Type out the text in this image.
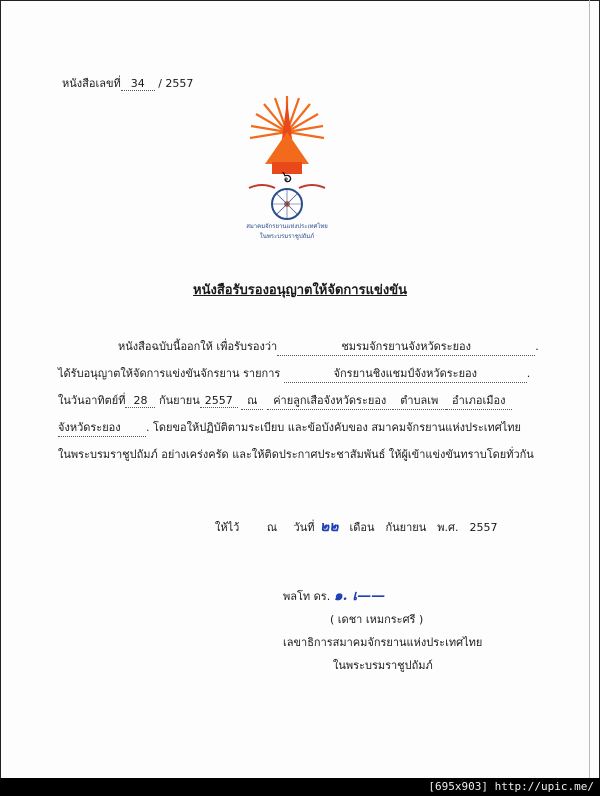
หนังสือเลขที่ 34 / 2557
๖
สมาคมจักรยานแห่งประเทศไทย
ในพระบรมราชูปถัมภ์
หนังสือรับรองอนุญาตให้จัดการแข่งขัน
หนังสือฉบับนี้ออกให้ เพื่อรับรองว่า	ชมรมจักรยานจังหวัดระยอง	.
ได้รับอนุญาตให้จัดการแข่งขันจักรยาน รายการ	จักรยานชิงแชมป์จังหวัดระยอง	.
ในวันอาทิตย์ที่ 28 กันยายน 2557 ณ ค่ายลูกเสือจังหวัดระยอง ตำบลเพ อำเภอเมือง
จังหวัดระยอง . โดยขอให้ปฏิบัติตามระเบียบ และข้อบังคับของ สมาคมจักรยานแห่งประเทศไทย
ในพระบรมราชูปถัมภ์ อย่างเคร่งครัด และให้ติดประกาศประชาสัมพันธ์ ให้ผู้เข้าแข่งขันทราบโดยทั่วกัน
ให้ไว้ ณ วันที่ ๒๒ เดือน กันยายน พ.ศ. 2557
พลโท ดร. ๑. เ——
( เดชา เหมกระศรี )
เลขาธิการสมาคมจักรยานแห่งประเทศไทย
ในพระบรมราชูปถัมภ์
[695x903] http://upic.me/
